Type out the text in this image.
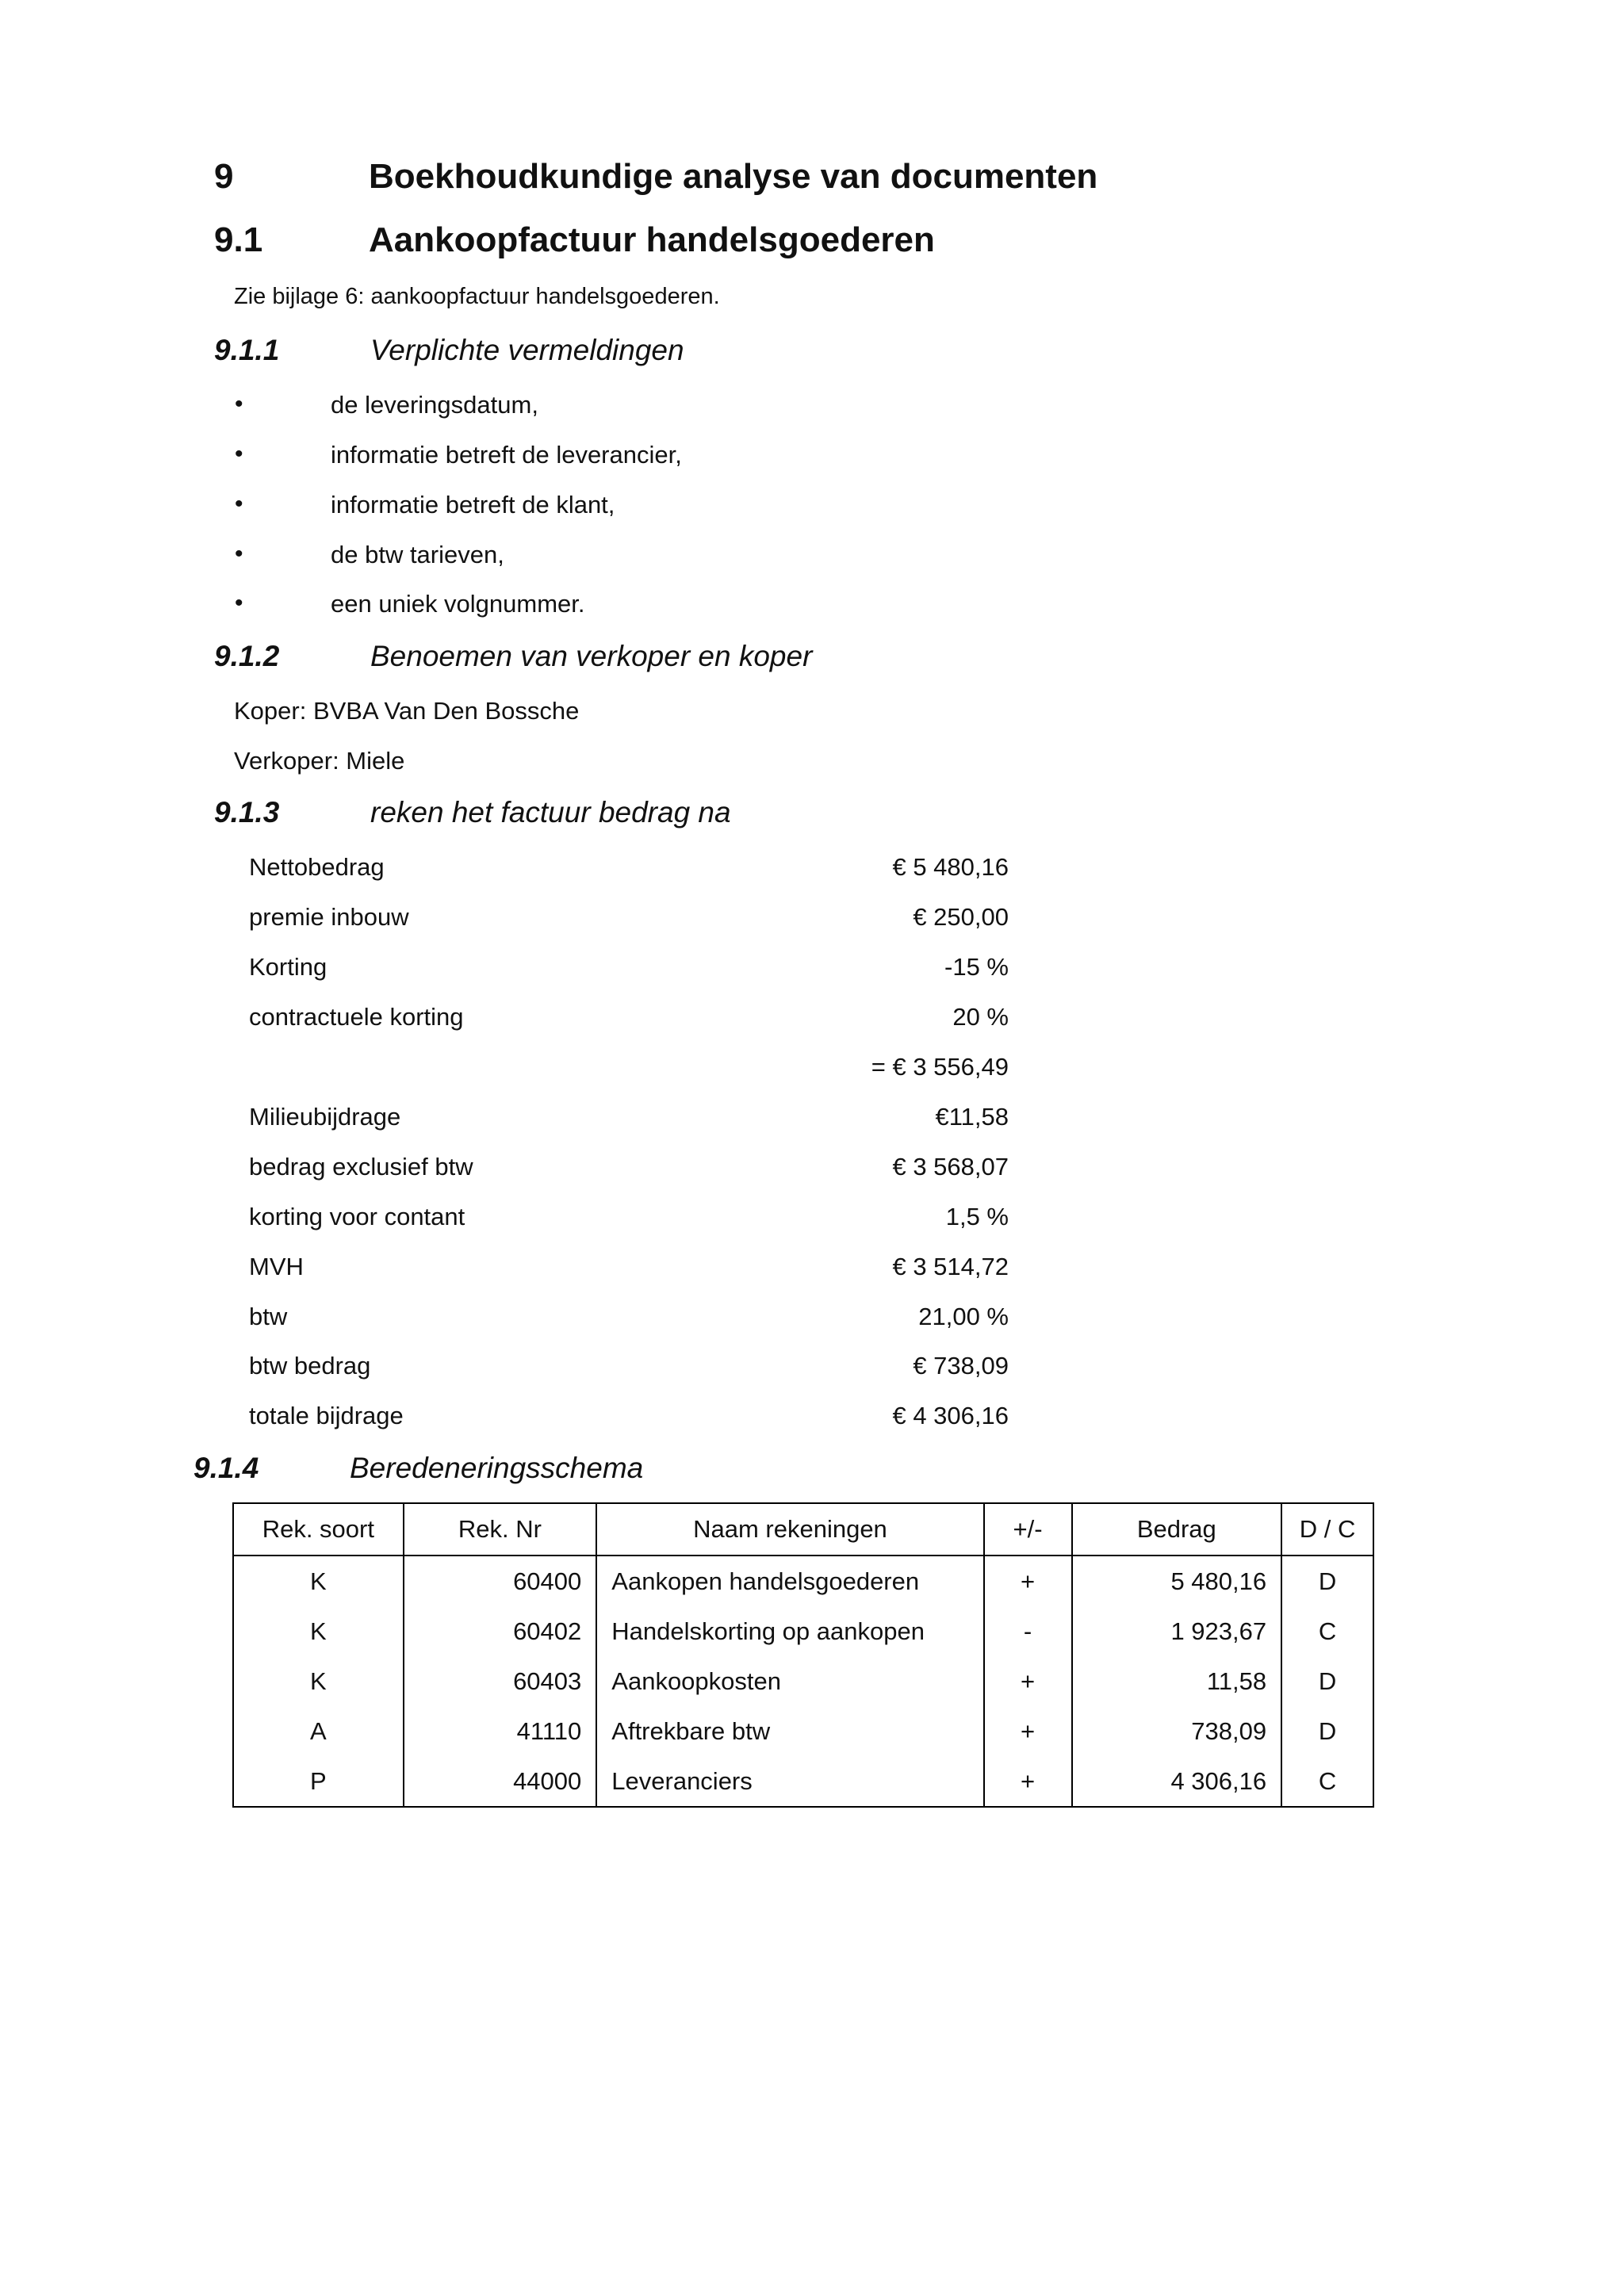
9	Boekhoudkundige analyse van documenten
9.1	Aankoopfactuur handelsgoederen
Zie bijlage 6: aankoopfactuur handelsgoederen.
9.1.1	Verplichte vermeldingen
•	de leveringsdatum,
•	informatie betreft de leverancier,
•	informatie betreft de klant,
•	de btw tarieven,
•	een uniek volgnummer.
9.1.2	Benoemen van verkoper en koper
Koper: BVBA Van Den Bossche
Verkoper: Miele
9.1.3	reken het factuur bedrag na
Nettobedrag	€ 5 480,16
premie inbouw	€ 250,00
Korting	-15 %
contractuele korting	20 %
= € 3 556,49
Milieubijdrage	€11,58
bedrag exclusief btw	€ 3 568,07
korting voor contant	1,5 %
MVH	€ 3 514,72
btw	21,00 %
btw bedrag	€ 738,09
totale bijdrage	€ 4 306,16
9.1.4	Beredeneringsschema
Rek. soort	Rek. Nr	Naam rekeningen	+/-	Bedrag	D / C
K	60400	Aankopen handelsgoederen	+	5 480,16	D
K	60402	Handelskorting op aankopen	-	1 923,67	C
K	60403	Aankoopkosten	+	11,58	D
A	41110	Aftrekbare btw	+	738,09	D
P	44000	Leveranciers	+	4 306,16	C
